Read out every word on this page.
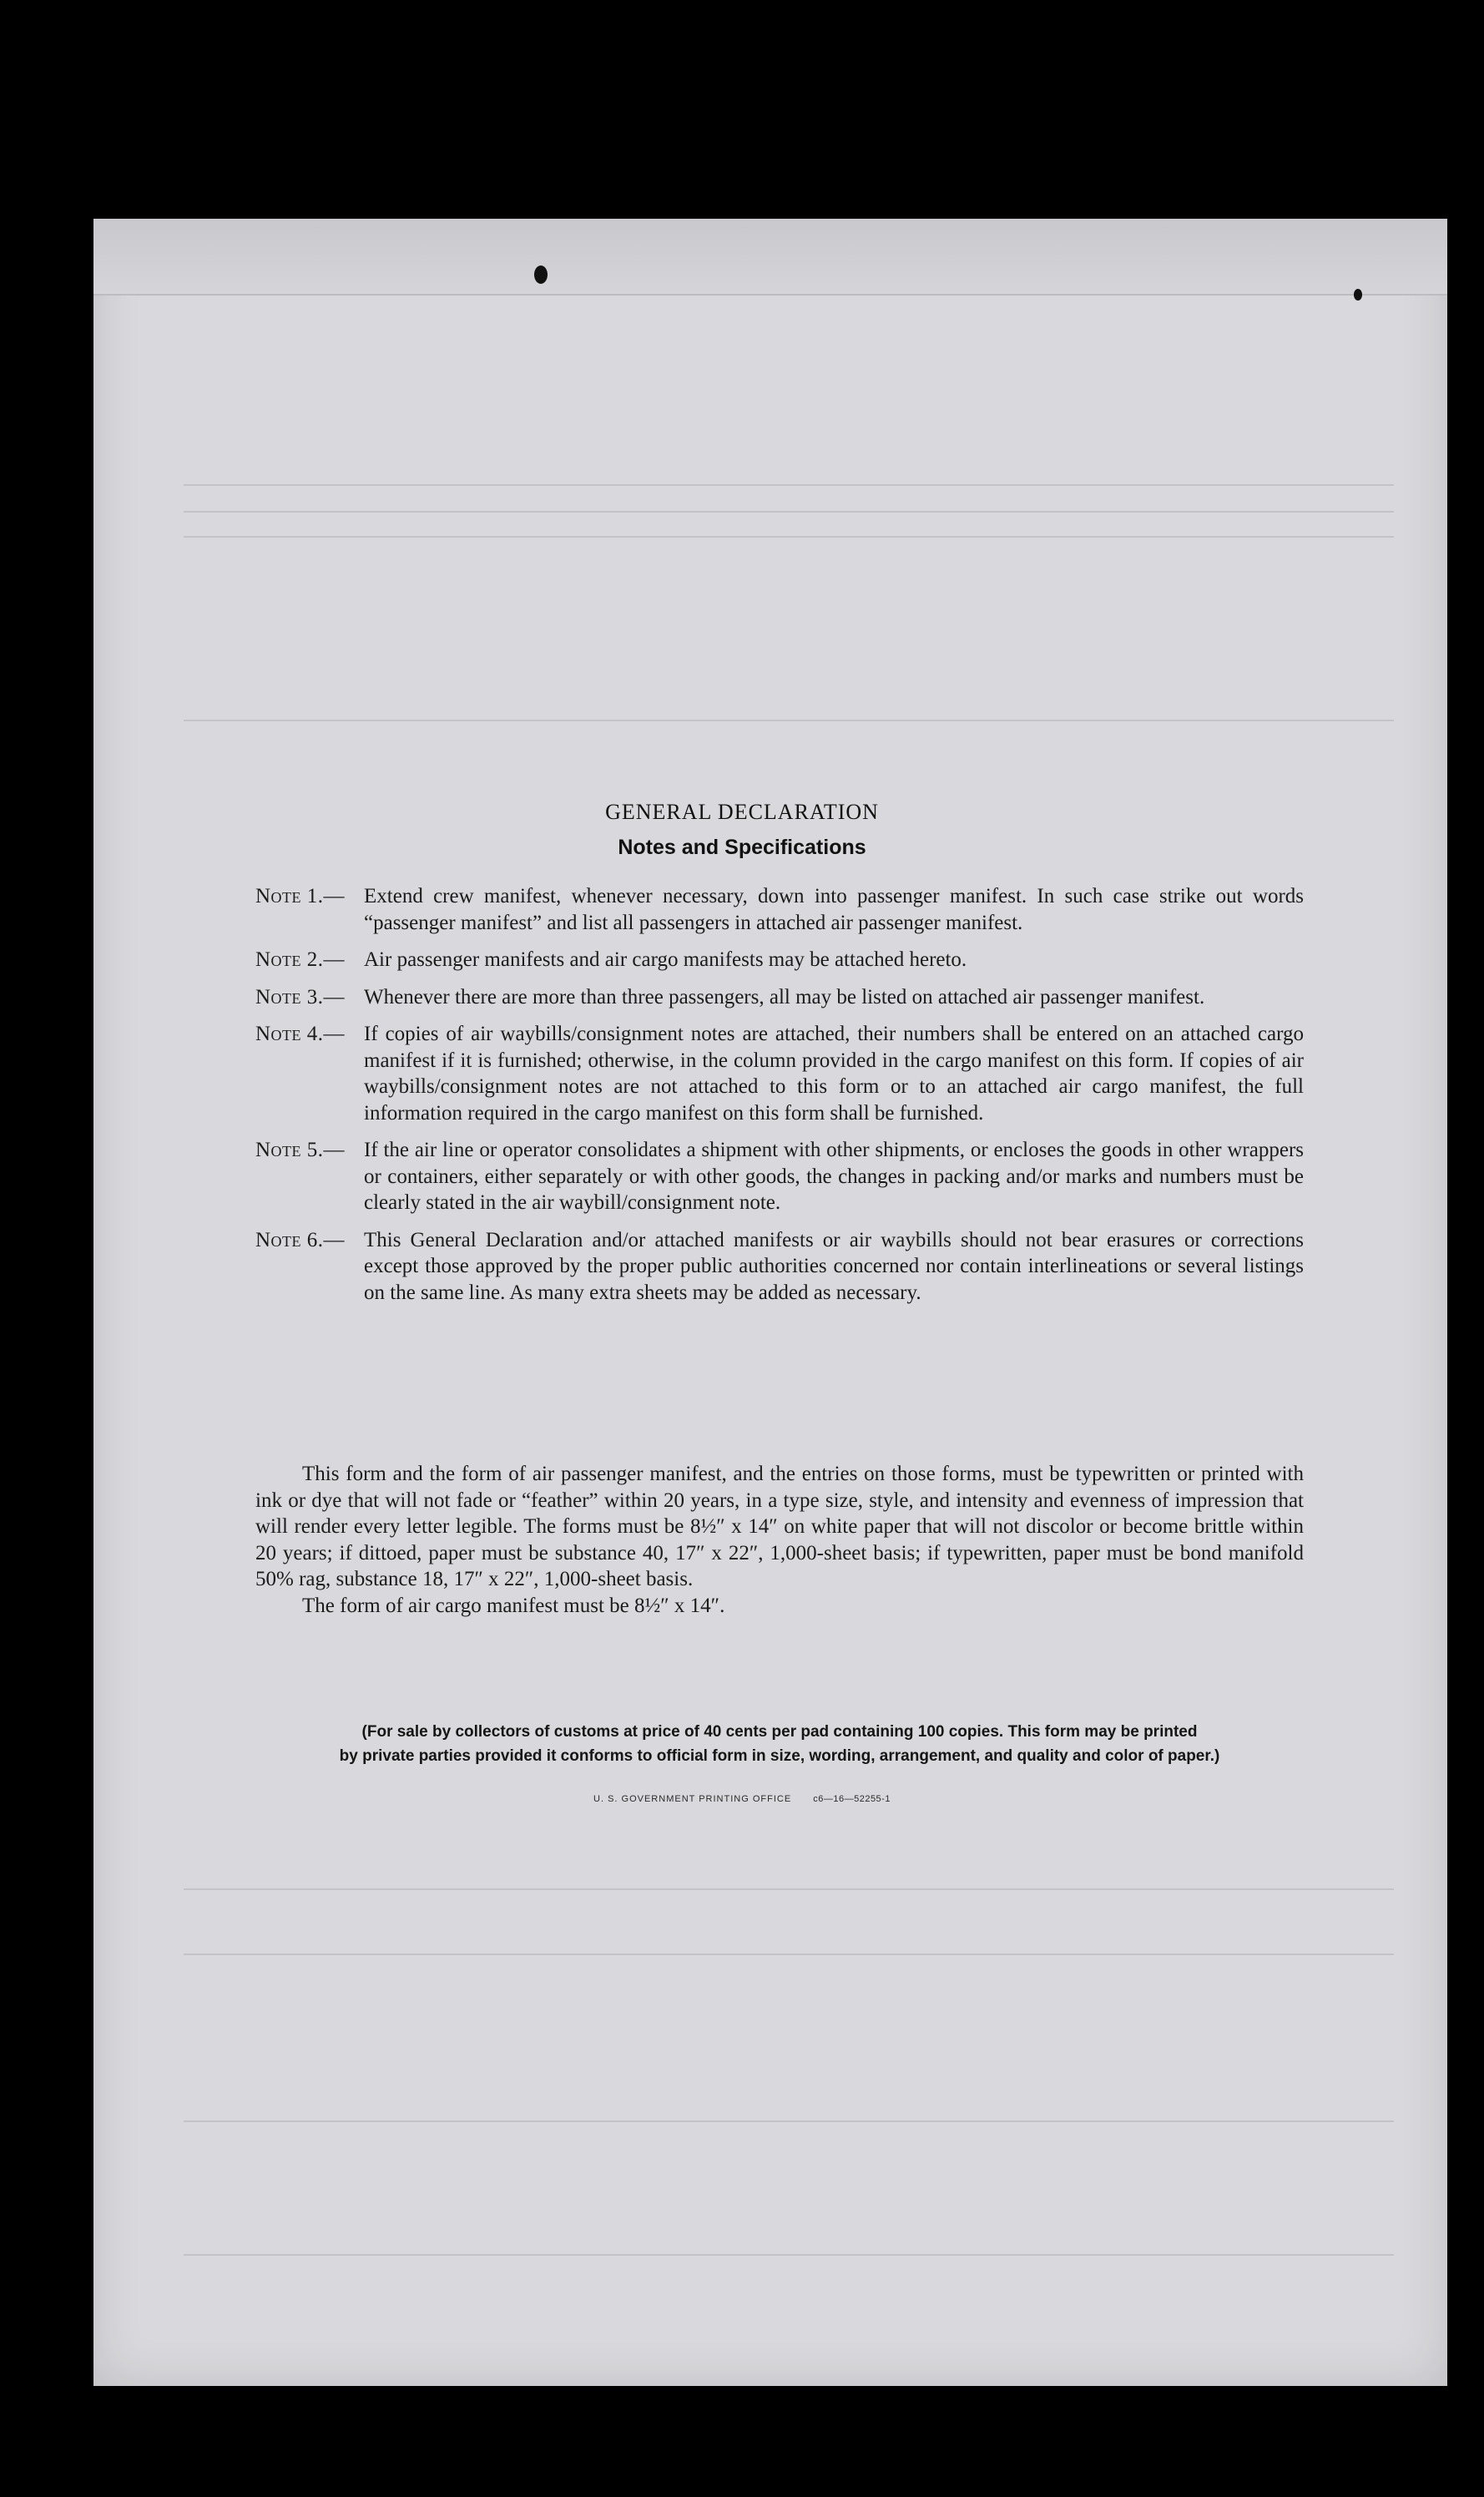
GENERAL DECLARATION
Notes and Specifications
Note 1.— Extend crew manifest, whenever necessary, down into passenger manifest. In such case strike out words “passenger manifest” and list all passengers in attached air passenger manifest.
Note 2.— Air passenger manifests and air cargo manifests may be attached hereto.
Note 3.— Whenever there are more than three passengers, all may be listed on attached air passenger manifest.
Note 4.— If copies of air waybills/consignment notes are attached, their numbers shall be entered on an attached cargo manifest if it is furnished; otherwise, in the column provided in the cargo manifest on this form. If copies of air waybills/consignment notes are not attached to this form or to an attached air cargo manifest, the full information required in the cargo manifest on this form shall be furnished.
Note 5.— If the air line or operator consolidates a shipment with other shipments, or encloses the goods in other wrappers or containers, either separately or with other goods, the changes in packing and/or marks and numbers must be clearly stated in the air waybill/consignment note.
Note 6.— This General Declaration and/or attached manifests or air waybills should not bear erasures or corrections except those approved by the proper public authorities concerned nor contain interlineations or several listings on the same line. As many extra sheets may be added as necessary.

This form and the form of air passenger manifest, and the entries on those forms, must be typewritten or printed with ink or dye that will not fade or “feather” within 20 years, in a type size, style, and intensity and evenness of impression that will render every letter legible. The forms must be 8½″ x 14″ on white paper that will not discolor or become brittle within 20 years; if dittoed, paper must be substance 40, 17″ x 22″, 1,000-sheet basis; if typewritten, paper must be bond manifold 50% rag, substance 18, 17″ x 22″, 1,000-sheet basis.

The form of air cargo manifest must be 8½″ x 14″.

(For sale by collectors of customs at price of 40 cents per pad containing 100 copies. This form may be printed
by private parties provided it conforms to official form in size, wording, arrangement, and quality and color of paper.)
U. S. GOVERNMENT PRINTING OFFICE c6—16—52255-1
